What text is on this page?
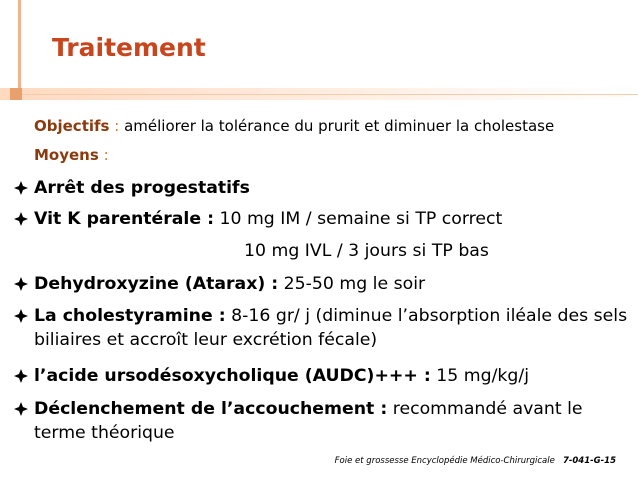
Traitement
Objectifs : améliorer la tolérance du prurit et diminuer la cholestase
Moyens :
Arrêt des progestatifs
Vit K parentérale : 10 mg IM / semaine si TP correct
10 mg IVL / 3 jours si TP bas
Dehydroxyzine (Atarax) : 25-50 mg le soir
La cholestyramine : 8-16 gr/ j (diminue l’absorption iléale des sels biliaires et accroît leur excrétion fécale)
l’acide ursodésoxycholique (AUDC)+++ : 15 mg/kg/j
Déclenchement de l’accouchement : recommandé avant le terme théorique
Foie et grossesse Encyclopédie Médico-Chirurgicale 7-041-G-15
